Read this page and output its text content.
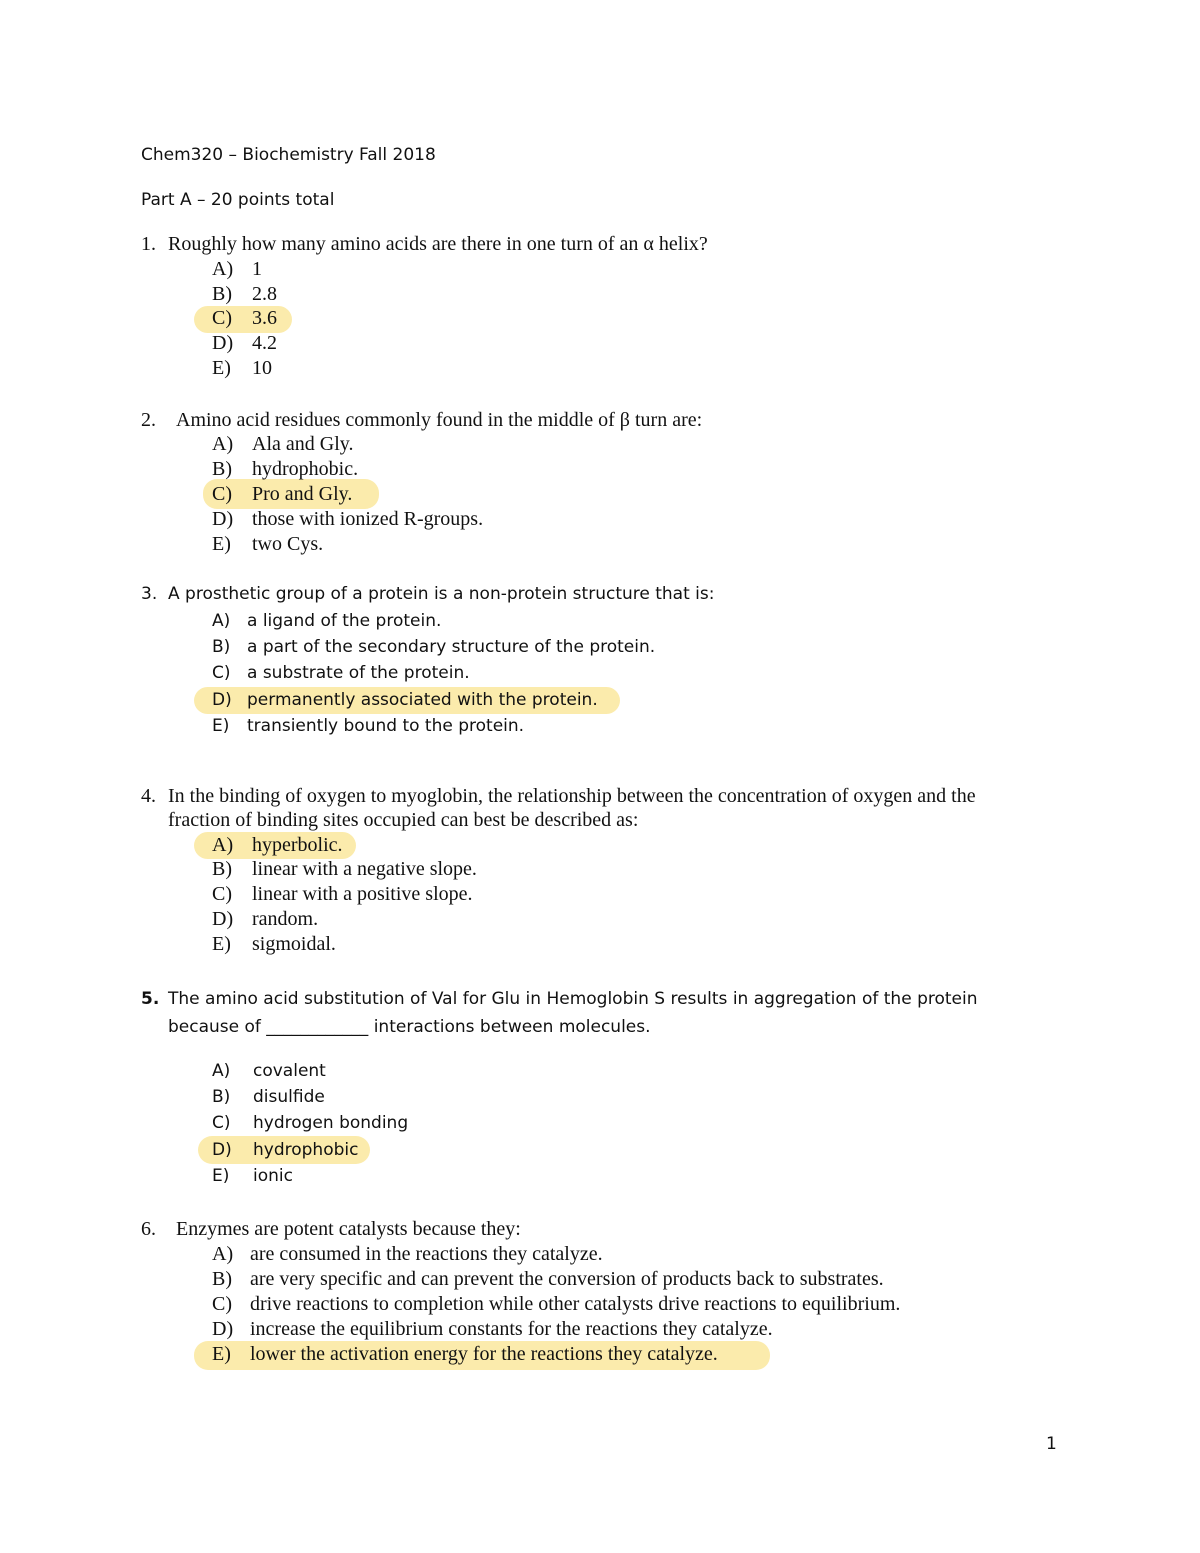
Chem320 – Biochemistry Fall 2018
Part A – 20 points total
1. Roughly how many amino acids are there in one turn of an α helix?
A) 1
B) 2.8
C) 3.6
D) 4.2
E) 10
2. Amino acid residues commonly found in the middle of β turn are:
A) Ala and Gly.
B) hydrophobic.
C) Pro and Gly.
D) those with ionized R-groups.
E) two Cys.
3. A prosthetic group of a protein is a non-protein structure that is:
A) a ligand of the protein.
B) a part of the secondary structure of the protein.
C) a substrate of the protein.
D) permanently associated with the protein.
E) transiently bound to the protein.
4. In the binding of oxygen to myoglobin, the relationship between the concentration of oxygen and the
fraction of binding sites occupied can best be described as:
A) hyperbolic.
B) linear with a negative slope.
C) linear with a positive slope.
D) random.
E) sigmoidal.
5. The amino acid substitution of Val for Glu in Hemoglobin S results in aggregation of the protein
because of ____________ interactions between molecules.
A) covalent
B) disulfide
C) hydrogen bonding
D) hydrophobic
E) ionic
6. Enzymes are potent catalysts because they:
A) are consumed in the reactions they catalyze.
B) are very specific and can prevent the conversion of products back to substrates.
C) drive reactions to completion while other catalysts drive reactions to equilibrium.
D) increase the equilibrium constants for the reactions they catalyze.
E) lower the activation energy for the reactions they catalyze.
1
